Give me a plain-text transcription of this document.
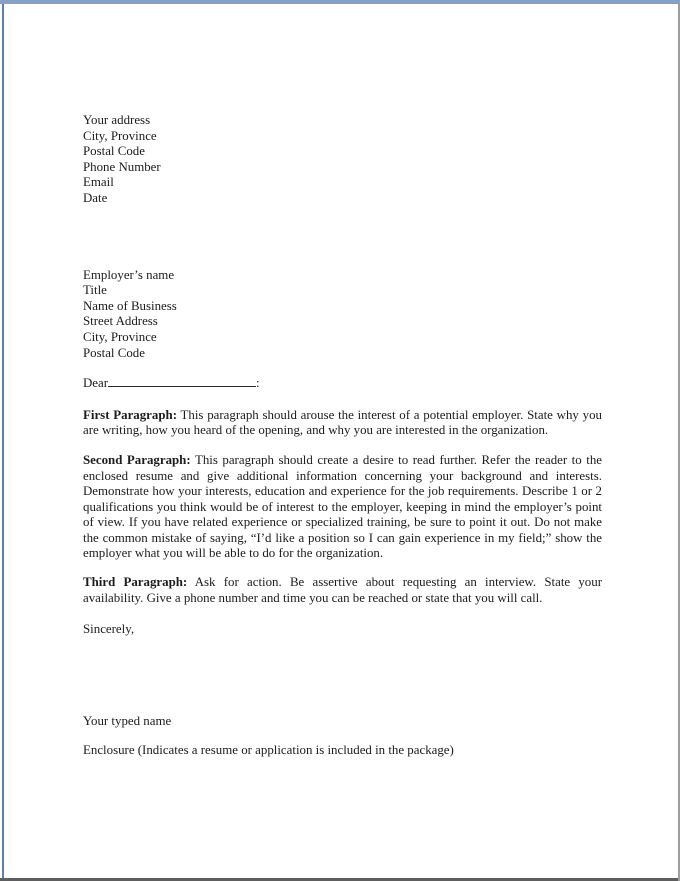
Your address
City, Province
Postal Code
Phone Number
Email
Date
Employer’s name
Title
Name of Business
Street Address
City, Province
Postal Code
Dear	:

First Paragraph: This paragraph should arouse the interest of a potential employer. State why you are writing, how you heard of the opening, and why you are interested in the organization.

Second Paragraph: This paragraph should create a desire to read further. Refer the reader to the enclosed resume and give additional information concerning your background and interests. Demonstrate how your interests, education and experience for the job requirements. Describe 1 or 2 qualifications you think would be of interest to the employer, keeping in mind the employer’s point of view. If you have related experience or specialized training, be sure to point it out. Do not make the common mistake of saying, “I’d like a position so I can gain experience in my field;” show the employer what you will be able to do for the organization.

Third Paragraph: Ask for action. Be assertive about requesting an interview. State your availability. Give a phone number and time you can be reached or state that you will call.

Sincerely,
Your typed name
Enclosure (Indicates a resume or application is included in the package)
